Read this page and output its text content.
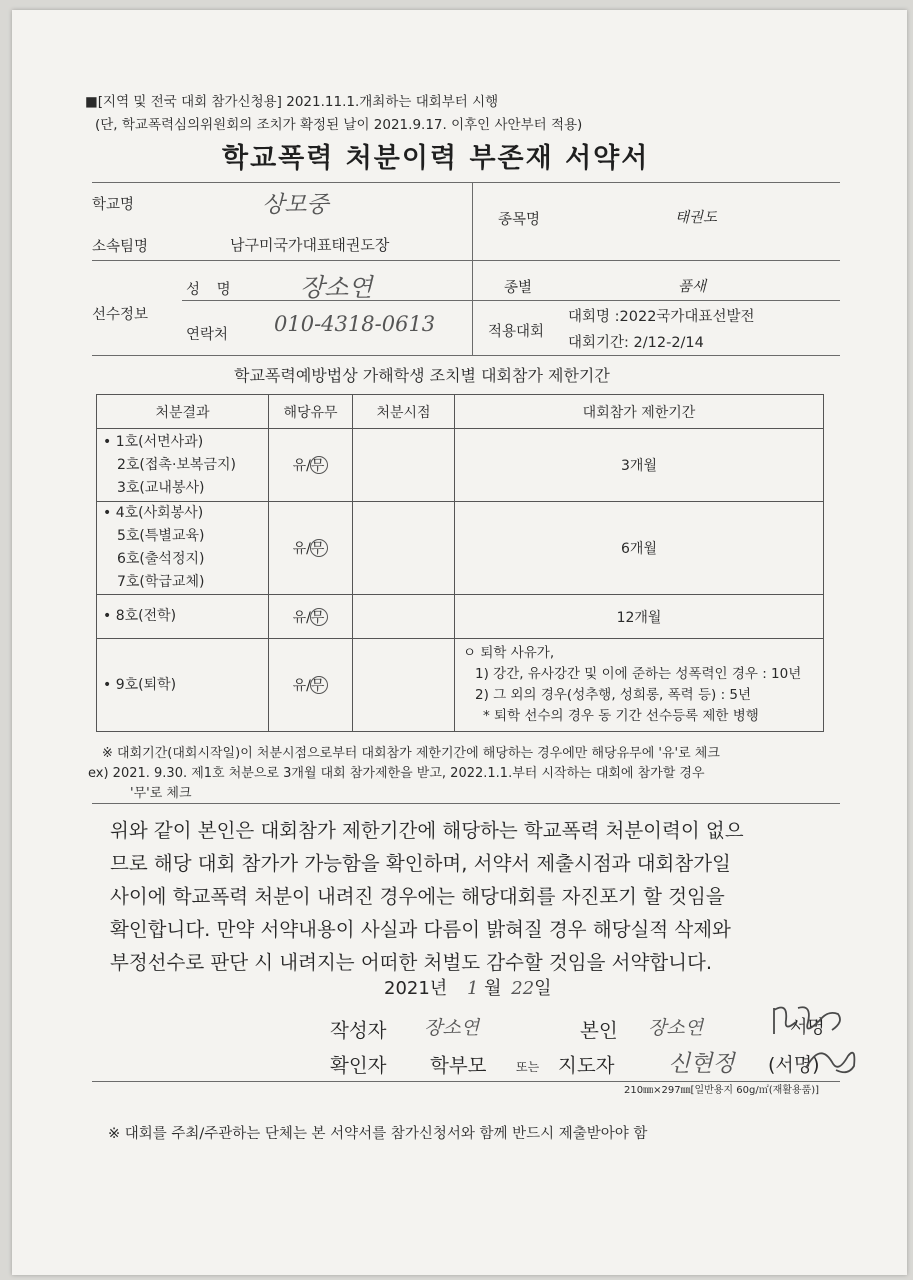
■[지역 및 전국 대회 참가신청용] 2021.11.1.개최하는 대회부터 시행
(단, 학교폭력심의위원회의 조치가 확정된 날이 2021.9.17. 이후인 사안부터 적용)
학교폭력 처분이력 부존재 서약서
학교명	상모중
소속팀명	남구미국가대표태권도장
종목명	태권도
선수정보
성 명	장소연
연락처 010-4318-0613
종별	품새
적용대회
대회명 :2022국가대표선발전
대회기간: 2/12-2/14
학교폭력예방법상 가해학생 조치별 대회참가 제한기간
처분결과	해당유무	처분시점	대회참가 제한기간

• 1호(서면사과)
2호(접촉·보복금지)
3호(교내봉사)	유/무		3개월

• 4호(사회봉사)
5호(특별교육)
6호(출석정지)
7호(학급교체)	유/무		6개월

• 8호(전학)	유/무		12개월

• 9호(퇴학)	유/무		ㅇ 퇴학 사유가,
1) 강간, 유사강간 및 이에 준하는 성폭력인 경우 : 10년
2) 그 외의 경우(성추행, 성희롱, 폭력 등) : 5년
* 퇴학 선수의 경우 동 기간 선수등록 제한 병행
※ 대회기간(대회시작일)이 처분시점으로부터 대회참가 제한기간에 해당하는 경우에만 해당유무에 '유'로 체크
ex) 2021. 9.30. 제1호 처분으로 3개월 대회 참가제한을 받고, 2022.1.1.부터 시작하는 대회에 참가할 경우
'무'로 체크
위와 같이 본인은 대회참가 제한기간에 해당하는 학교폭력 처분이력이 없으
므로 해당 대회 참가가 가능함을 확인하며, 서약서 제출시점과 대회참가일
사이에 학교폭력 처분이 내려진 경우에는 해당대회를 자진포기 할 것임을
확인합니다. 만약 서약내용이 사실과 다름이 밝혀질 경우 해당실적 삭제와
부정선수로 판단 시 내려지는 어떠한 처벌도 감수할 것임을 서약합니다.
2021년 1 월 22일
작성자 장소연	본인 장소연	서명
확인자 학부모 또는 지도자 신현정 (서명)
210㎜×297㎜[일반용지 60g/㎡(재활용품)]
※ 대회를 주최/주관하는 단체는 본 서약서를 참가신청서와 함께 반드시 제출받아야 함
